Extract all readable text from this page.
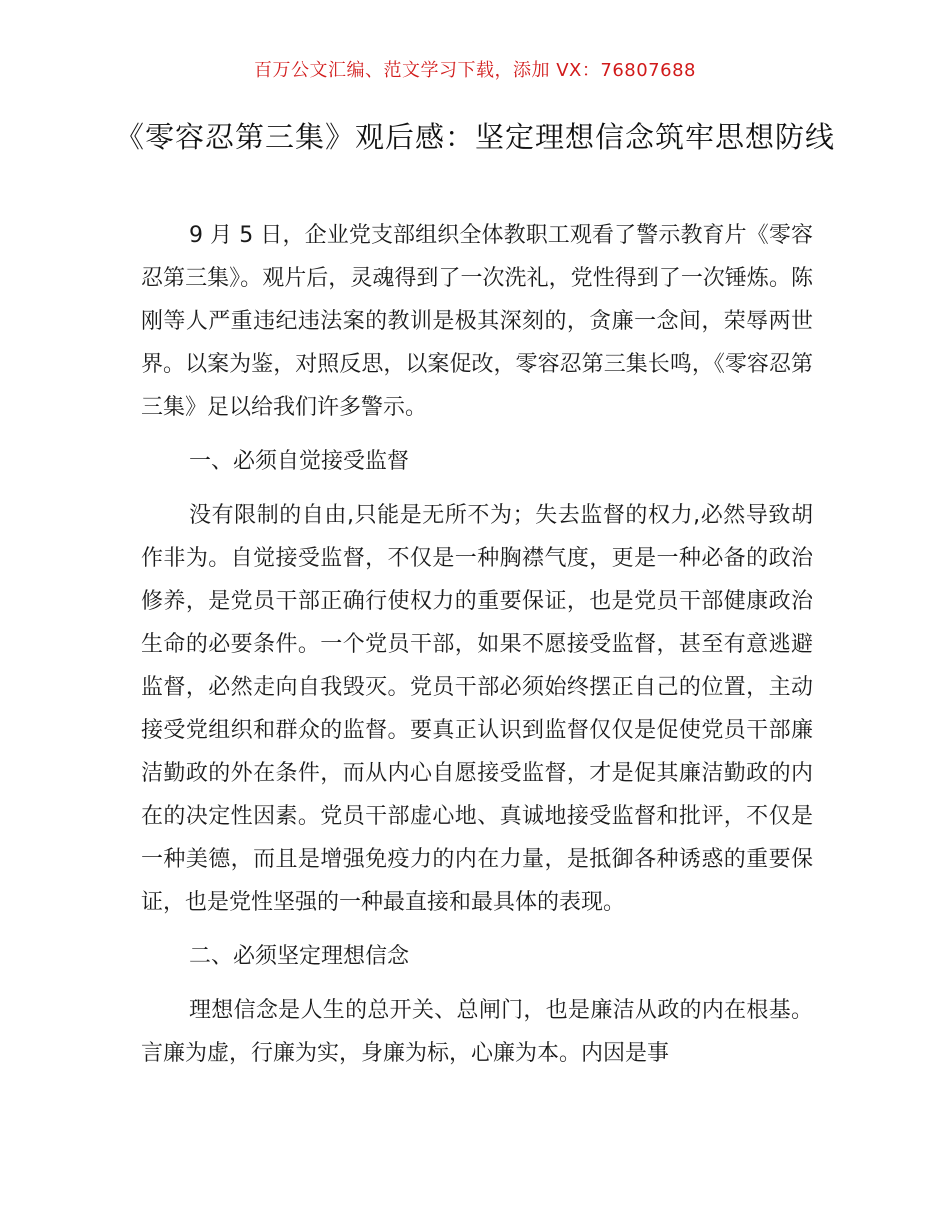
百万公文汇编、范文学习下载，添加 VX：76807688
《零容忍第三集》观后感：坚定理想信念筑牢思想防线

9 月 5 日，企业党支部组织全体教职工观看了警示教育片《零容忍第三集》。观片后，灵魂得到了一次洗礼，党性得到了一次锤炼。陈刚等人严重违纪违法案的教训是极其深刻的，贪廉一念间，荣辱两世界。以案为鉴，对照反思，以案促改，零容忍第三集长鸣，《零容忍第三集》足以给我们许多警示。

一、必须自觉接受监督

没有限制的自由,只能是无所不为；失去监督的权力,必然导致胡作非为。自觉接受监督，不仅是一种胸襟气度，更是一种必备的政治修养，是党员干部正确行使权力的重要保证，也是党员干部健康政治生命的必要条件。一个党员干部，如果不愿接受监督，甚至有意逃避监督，必然走向自我毁灭。党员干部必须始终摆正自己的位置，主动接受党组织和群众的监督。要真正认识到监督仅仅是促使党员干部廉洁勤政的外在条件，而从内心自愿接受监督，才是促其廉洁勤政的内在的决定性因素。党员干部虚心地、真诚地接受监督和批评，不仅是一种美德，而且是增强免疫力的内在力量，是抵御各种诱惑的重要保证，也是党性坚强的一种最直接和最具体的表现。

二、必须坚定理想信念

理想信念是人生的总开关、总闸门，也是廉洁从政的内在根基。言廉为虚，行廉为实，身廉为标，心廉为本。内因是事
